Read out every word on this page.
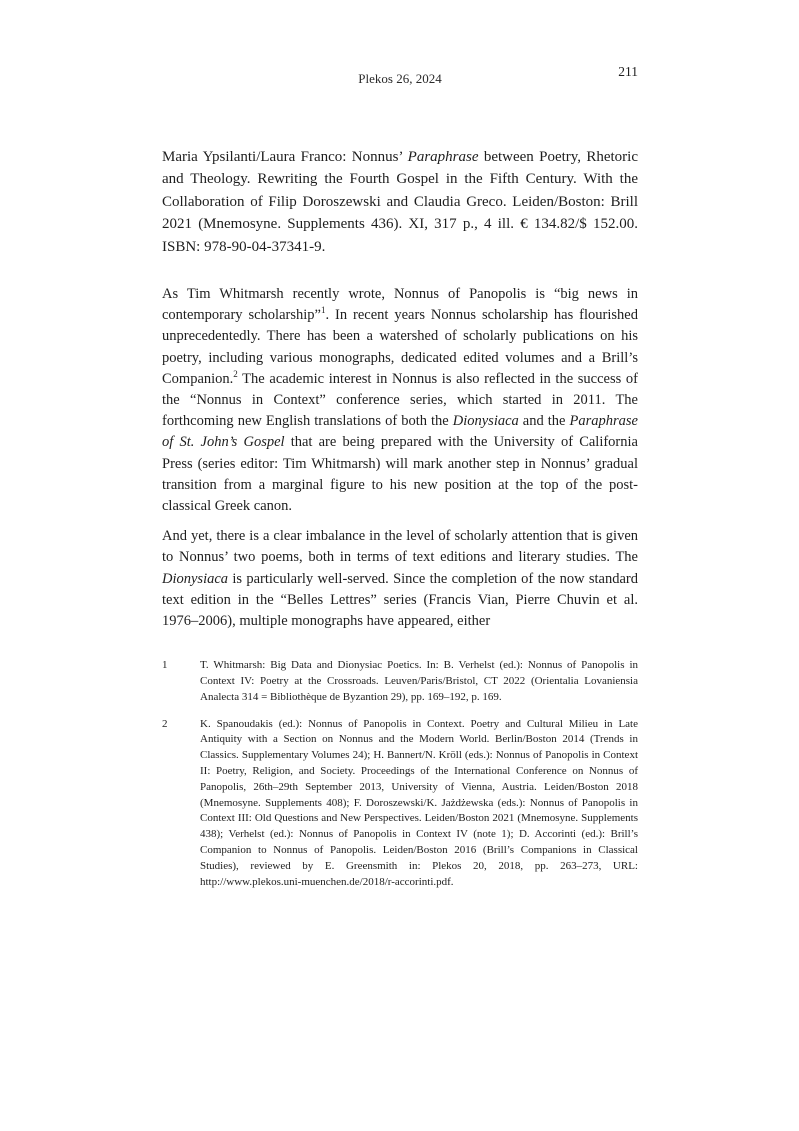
Plekos 26, 2024	211

Maria Ypsilanti/Laura Franco: Nonnus’ Paraphrase between Poetry, Rhetoric and Theology. Rewriting the Fourth Gospel in the Fifth Century. With the Collaboration of Filip Doroszewski and Claudia Greco. Leiden/Boston: Brill 2021 (Mnemosyne. Supplements 436). XI, 317 p., 4 ill. € 134.82/$ 152.00. ISBN: 978-90-04-37341-9.

As Tim Whitmarsh recently wrote, Nonnus of Panopolis is “big news in contemporary scholarship”$^1$. In recent years Nonnus scholarship has flourished unprecedentedly. There has been a watershed of scholarly publications on his poetry, including various monographs, dedicated edited volumes and a Brill’s Companion.$^2$ The academic interest in Nonnus is also reflected in the success of the “Nonnus in Context” conference series, which started in 2011. The forthcoming new English translations of both the Dionysiaca and the Paraphrase of St. John’s Gospel that are being prepared with the University of California Press (series editor: Tim Whitmarsh) will mark another step in Nonnus’ gradual transition from a marginal figure to his new position at the top of the post-classical Greek canon.

And yet, there is a clear imbalance in the level of scholarly attention that is given to Nonnus’ two poems, both in terms of text editions and literary studies. The Dionysiaca is particularly well-served. Since the completion of the now standard text edition in the “Belles Lettres” series (Francis Vian, Pierre Chuvin et al. 1976–2006), multiple monographs have appeared, either

1	T. Whitmarsh: Big Data and Dionysiac Poetics. In: B. Verhelst (ed.): Nonnus of Panopolis in Context IV: Poetry at the Crossroads. Leuven/Paris/Bristol, CT 2022 (Orientalia Lovaniensia Analecta 314 = Bibliothèque de Byzantion 29), pp. 169–192, p. 169.
2	K. Spanoudakis (ed.): Nonnus of Panopolis in Context. Poetry and Cultural Milieu in Late Antiquity with a Section on Nonnus and the Modern World. Berlin/Boston 2014 (Trends in Classics. Supplementary Volumes 24); H. Bannert/N. Kröll (eds.): Nonnus of Panopolis in Context II: Poetry, Religion, and Society. Proceedings of the International Conference on Nonnus of Panopolis, 26th–29th September 2013, University of Vienna, Austria. Leiden/Boston 2018 (Mnemosyne. Supplements 408); F. Doroszewski/K. Jażdżewska (eds.): Nonnus of Panopolis in Context III: Old Questions and New Perspectives. Leiden/Boston 2021 (Mnemosyne. Supplements 438); Verhelst (ed.): Nonnus of Panopolis in Context IV (note 1); D. Accorinti (ed.): Brill’s Companion to Nonnus of Panopolis. Leiden/Boston 2016 (Brill’s Companions in Classical Studies), reviewed by E. Greensmith in: Plekos 20, 2018, pp. 263–273, URL: http://www.plekos.uni-muenchen.de/2018/r-accorinti.pdf.
